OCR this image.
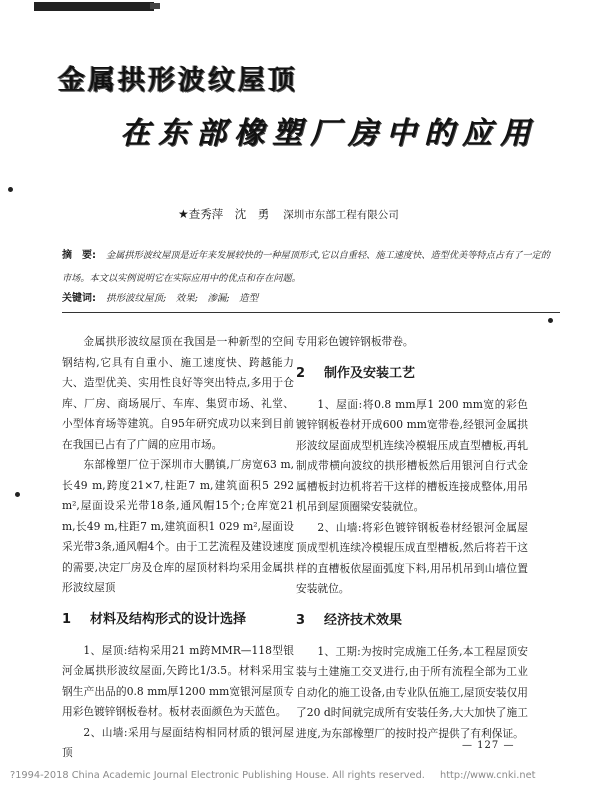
金属拱形波纹屋顶
在东部橡塑厂房中的应用
★查秀萍　沈　勇 深圳市东部工程有限公司
摘　要: 金属拱形波纹屋顶是近年来发展较快的一种屋顶形式,它以自重轻、施工速度快、造型优美等特点占有了一定的市场。本文以实例说明它在实际应用中的优点和存在问题。
关键词: 拱形波纹屋顶;　效果;　渗漏;　造型

金属拱形波纹屋顶在我国是一种新型的空间钢结构,它具有自重小、施工速度快、跨越能力大、造型优美、实用性良好等突出特点,多用于仓库、厂房、商场展厅、车库、集贸市场、礼堂、小型体育场等建筑。自95年研究成功以来到目前在我国已占有了广阔的应用市场。

东部橡塑厂位于深圳市大鹏镇,厂房宽63 m,长49 m,跨度21×7,柱距7 m,建筑面积5 292 m²,屋面设采光带18条,通风帽15个;仓库宽21 m,长49 m,柱距7 m,建筑面积1 029 m²,屋面设采光带3条,通风帽4个。由于工艺流程及建设速度的需要,决定厂房及仓库的屋顶材料均采用金属拱形波纹屋顶

1 材料及结构形式的设计选择

1、屋顶:结构采用21 m跨MMR—118型银河金属拱形波纹屋面,矢跨比1/3.5。材料采用宝钢生产出品的0.8 mm厚1200 mm宽银河屋顶专用彩色镀锌钢板卷材。板材表面颜色为天蓝色。

2、山墙:采用与屋面结构相同材质的银河屋顶

专用彩色镀锌钢板带卷。

2 制作及安装工艺

1、屋面:将0.8 mm厚1 200 mm宽的彩色镀锌钢板卷材开成600 mm宽带卷,经银河金属拱形波纹屋面成型机连续冷模辊压成直型槽板,再轧制成带横向波纹的拱形槽板然后用银河自行式金属槽板封边机将若干这样的槽板连接成整体,用吊机吊到屋顶圈梁安装就位。

2、山墙:将彩色镀锌钢板卷材经银河金属屋顶成型机连续冷模辊压成直型槽板,然后将若干这样的直槽板依屋面弧度下料,用吊机吊到山墙位置安装就位。

3 经济技术效果

1、工期:为按时完成施工任务,本工程屋顶安装与土建施工交叉进行,由于所有流程全部为工业自动化的施工设备,由专业队伍施工,屋顶安装仅用了20 d时间就完成所有安装任务,大大加快了施工进度,为东部橡塑厂的按时投产提供了有利保证。

— 127 —
?1994-2018 China Academic Journal Electronic Publishing House. All rights reserved. http://www.cnki.net
